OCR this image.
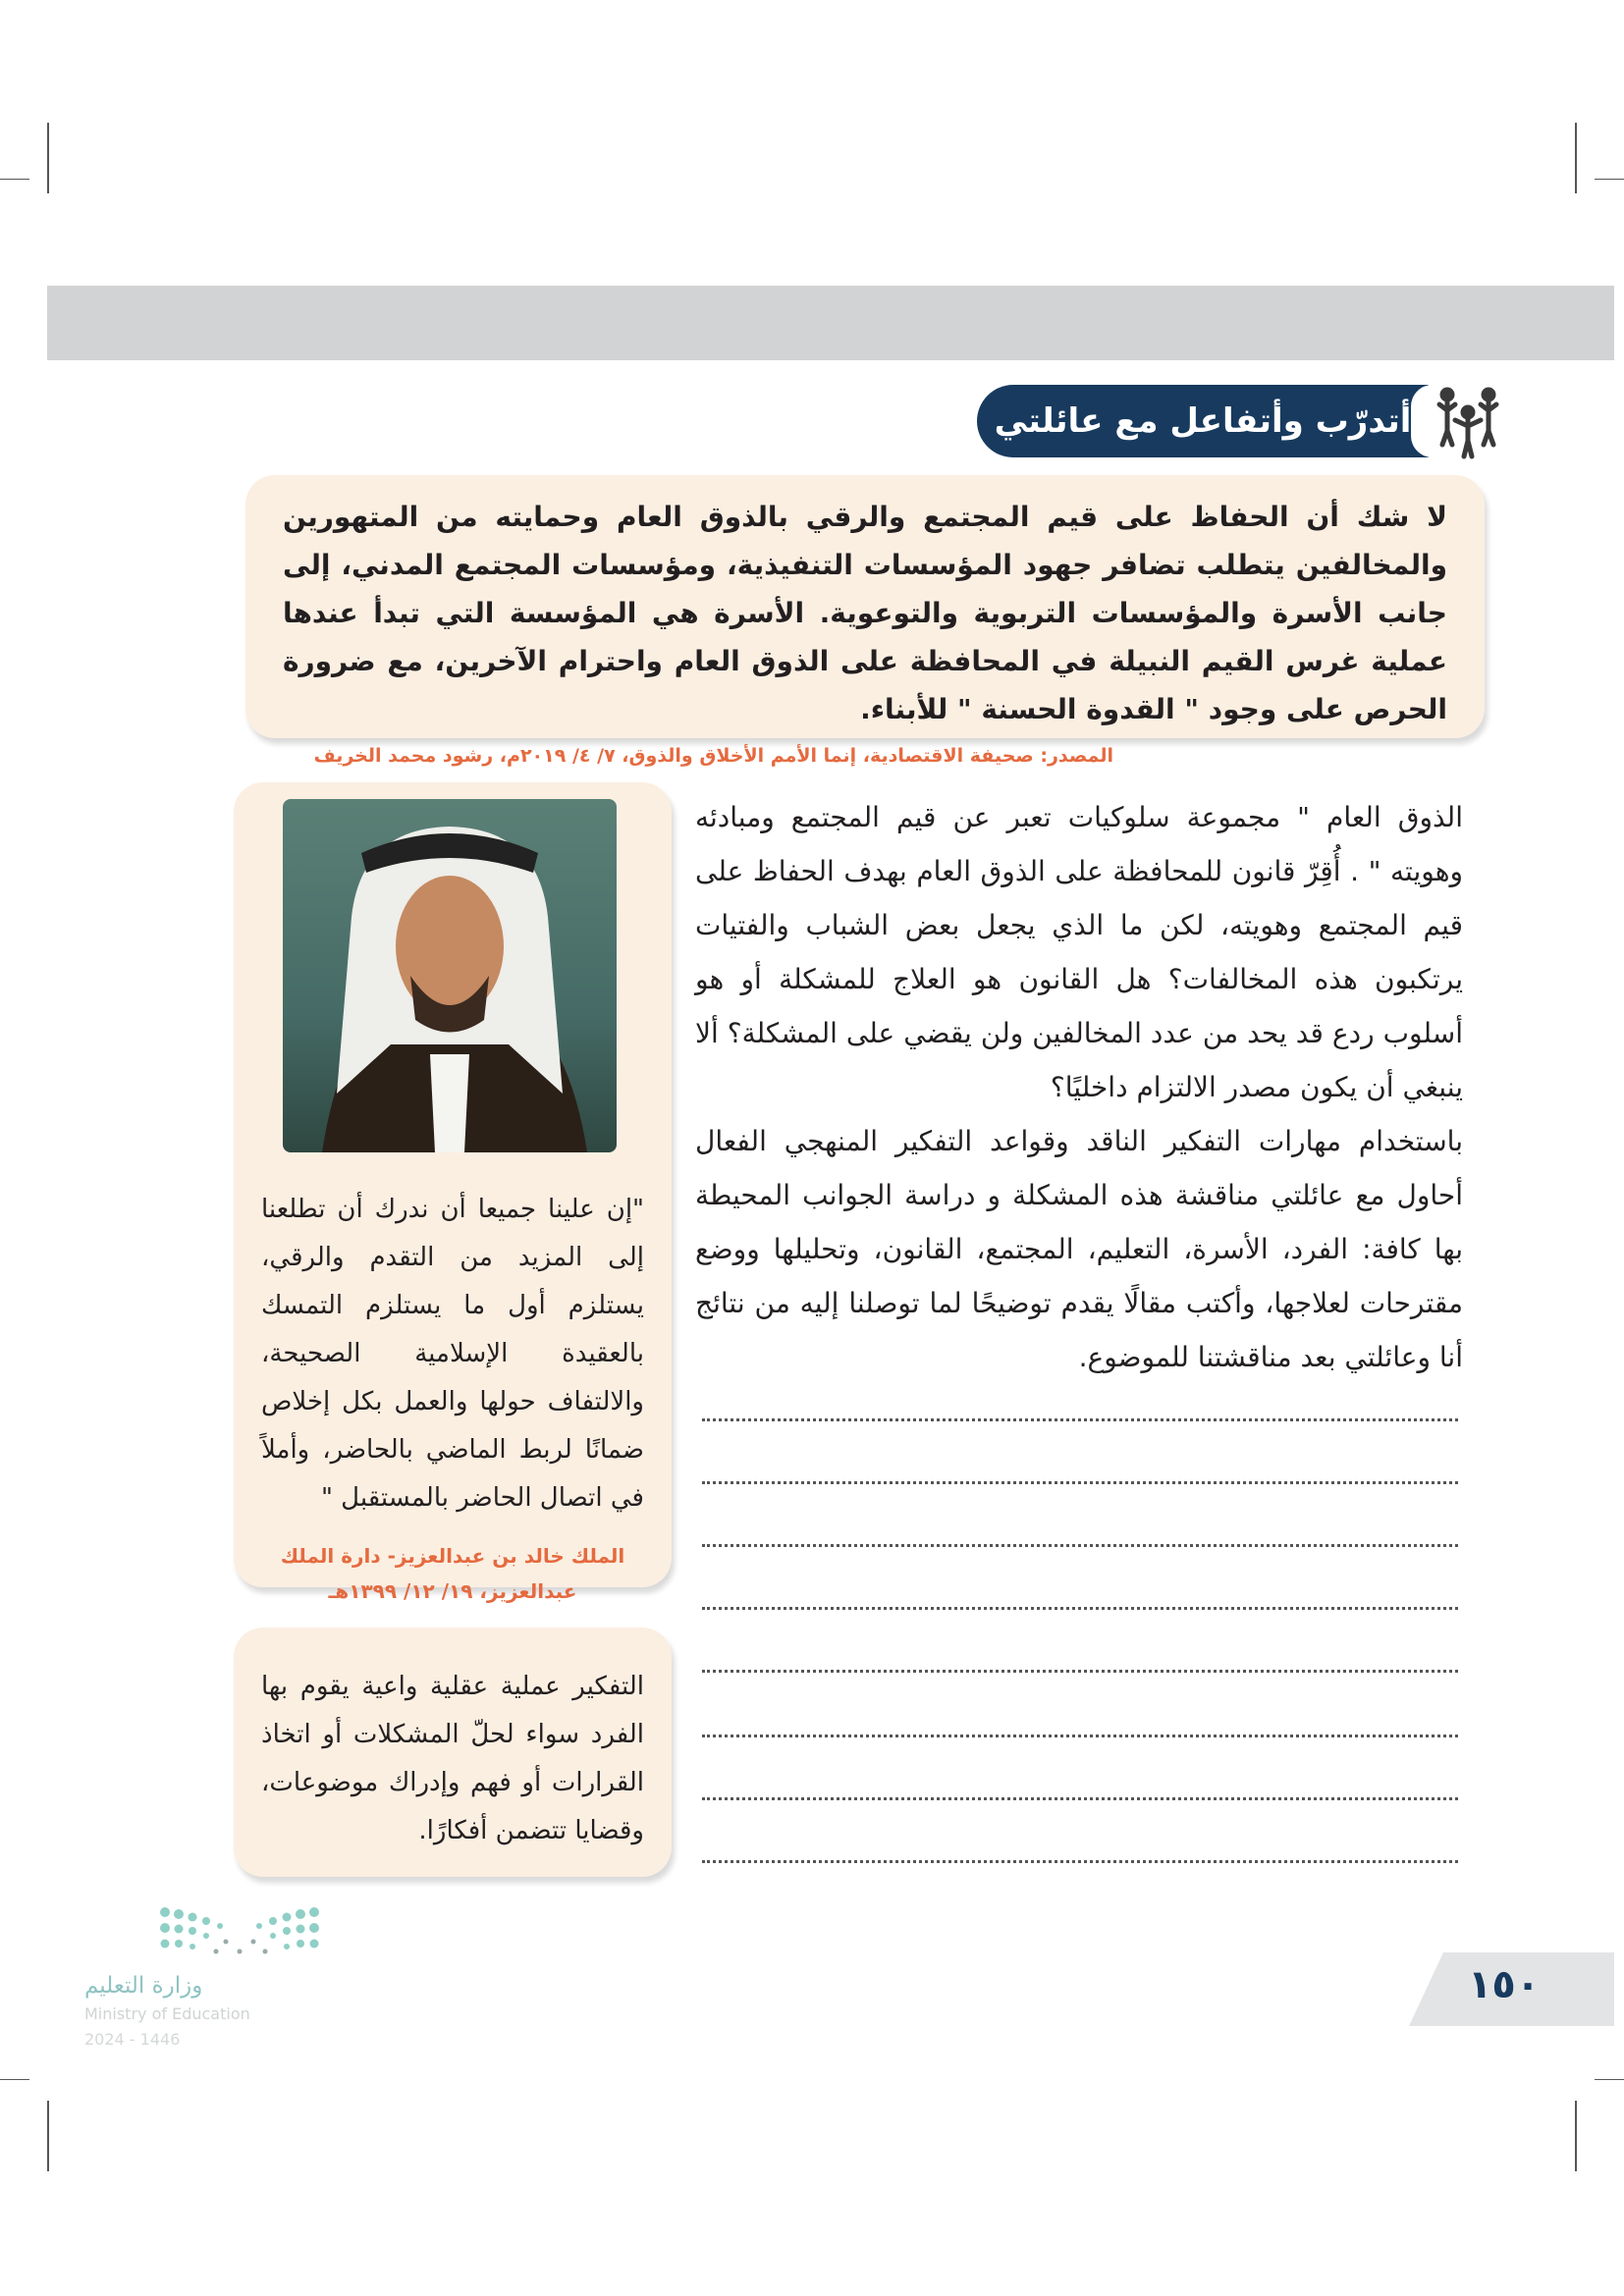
أتدرّب وأتفاعل مع عائلتي

لا شك أن الحفاظ على قيم المجتمع والرقي بالذوق العام وحمايته من المتهورين والمخالفين يتطلب تضافر جهود المؤسسات التنفيذية، ومؤسسات المجتمع المدني، إلى جانب الأسرة والمؤسسات التربوية والتوعوية. الأسرة هي المؤسسة التي تبدأ عندها عملية غرس القيم النبيلة في المحافظة على الذوق العام واحترام الآخرين، مع ضرورة الحرص على وجود " القدوة الحسنة " للأبناء.

المصدر: صحيفة الاقتصادية، إنما الأمم الأخلاق والذوق، ٧/ ٤/ ٢٠١٩م، رشود محمد الخريف

الذوق العام " مجموعة سلوكيات تعبر عن قيم المجتمع ومبادئه وهويته " . أُقِرّ قانون للمحافظة على الذوق العام بهدف الحفاظ على قيم المجتمع وهويته، لكن ما الذي يجعل بعض الشباب والفتيات يرتكبون هذه المخالفات؟ هل القانون هو العلاج للمشكلة أو هو أسلوب ردع قد يحد من عدد المخالفين ولن يقضي على المشكلة؟ ألا ينبغي أن يكون مصدر الالتزام داخليًا؟

باستخدام مهارات التفكير الناقد وقواعد التفكير المنهجي الفعال أحاول مع عائلتي مناقشة هذه المشكلة و دراسة الجوانب المحيطة بها كافة: الفرد، الأسرة، التعليم، المجتمع، القانون، وتحليلها ووضع مقترحات لعلاجها، وأكتب مقالًا يقدم توضيحًا لما توصلنا إليه من نتائج أنا وعائلتي بعد مناقشتنا للموضوع.

"إن علينا جميعا أن ندرك أن تطلعنا إلى المزيد من التقدم والرقي، يستلزم أول ما يستلزم التمسك بالعقيدة الإسلامية الصحيحة، والالتفاف حولها والعمل بكل إخلاص ضمانًا لربط الماضي بالحاضر، وأملاً في اتصال الحاضر بالمستقبل "

الملك خالد بن عبدالعزيز- دارة الملك
عبدالعزيز، ١٩/ ١٢/ ١٣٩٩هـ

التفكير عملية عقلية واعية يقوم بها الفرد سواء لحلّ المشكلات أو اتخاذ القرارات أو فهم وإدراك موضوعات، وقضايا تتضمن أفكارًا.

وزارة التعليم
Ministry of Education
2024 - 1446
١٥٠
